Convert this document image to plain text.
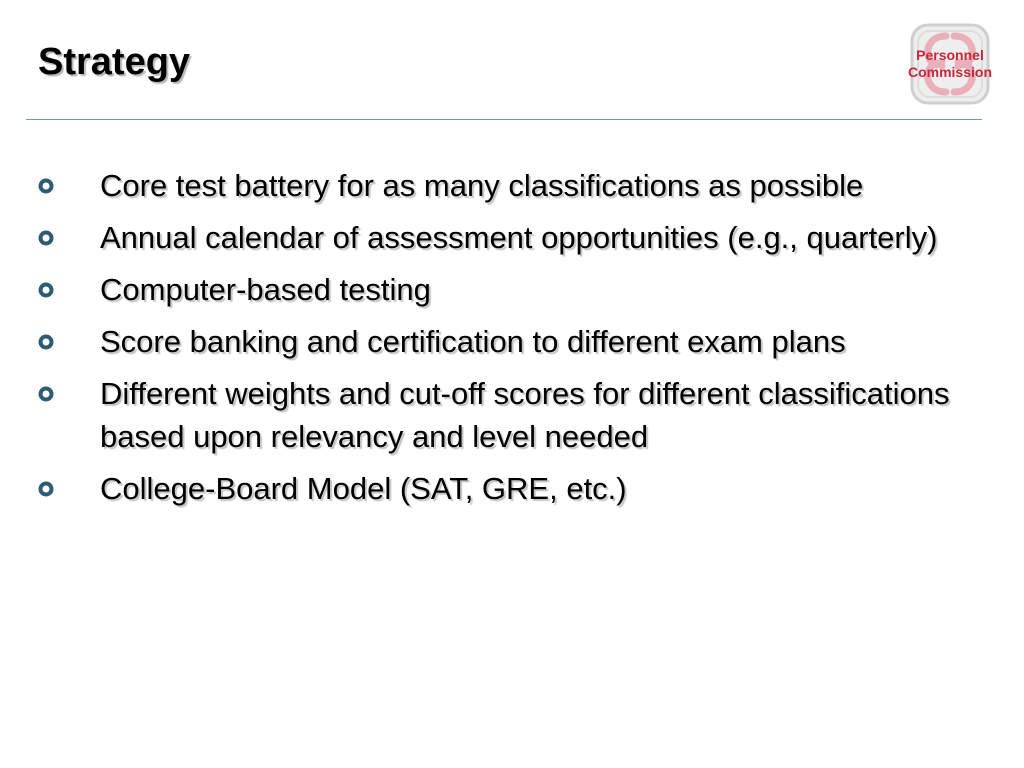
Strategy	Personnel
Commission
Core test battery for as many classifications as possible
Annual calendar of assessment opportunities (e.g., quarterly)
Computer-based testing
Score banking and certification to different exam plans
Different weights and cut-off scores for different classifications based upon relevancy and level needed
College-Board Model (SAT, GRE, etc.)
